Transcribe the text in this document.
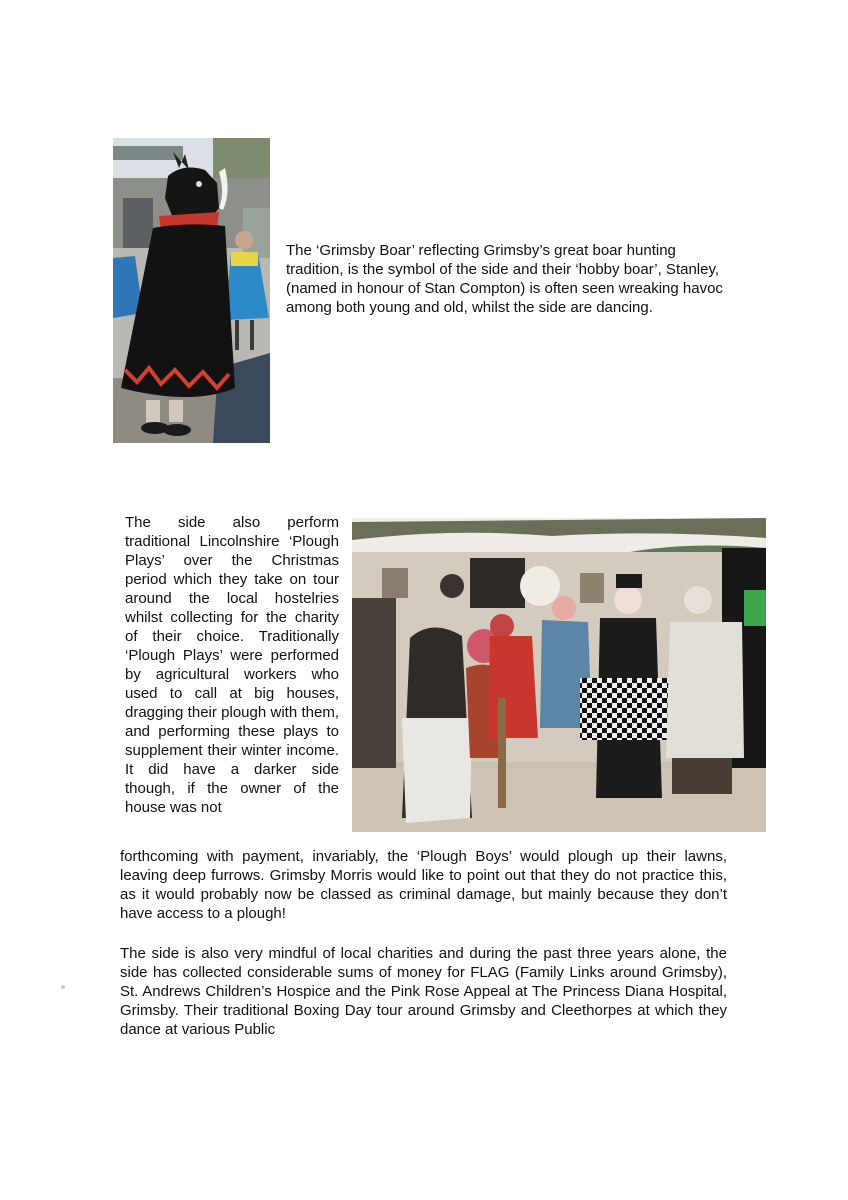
The ‘Grimsby Boar’ reflecting Grimsby’s great boar hunting tradition, is the symbol of the side and their ‘hobby boar’, Stanley, (named in honour of Stan Compton) is often seen wreaking havoc among both young and old, whilst the side are dancing.
The side also perform traditional Lincolnshire ‘Plough Plays’ over the Christmas period which they take on tour around the local hostelries whilst collecting for the charity of their choice. Traditionally ‘Plough Plays’ were performed by agricultural workers who used to call at big houses, dragging their plough with them, and performing these plays to supplement their winter income. It did have a darker side though, if the owner of the house was not
forthcoming with payment, invariably, the ‘Plough Boys’ would plough up their lawns, leaving deep furrows. Grimsby Morris would like to point out that they do not practice this, as it would probably now be classed as criminal damage, but mainly because they don’t have access to a plough!
The side is also very mindful of local charities and during the past three years alone, the side has collected considerable sums of money for FLAG (Family Links around Grimsby), St. Andrews Children’s Hospice and the Pink Rose Appeal at The Princess Diana Hospital, Grimsby. Their traditional Boxing Day tour around Grimsby and Cleethorpes at which they dance at various Public
